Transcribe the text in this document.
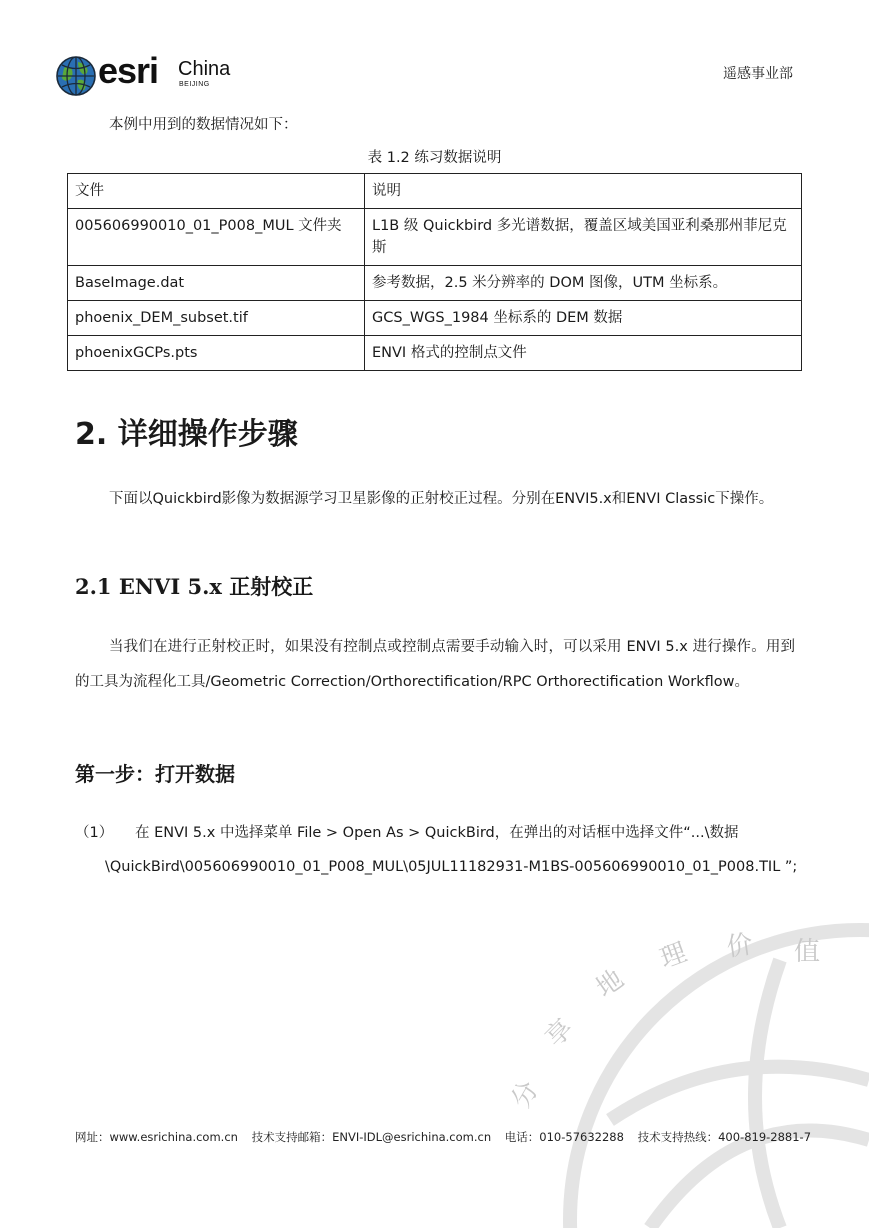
esri China
BEIJING
遥感事业部
本例中用到的数据情况如下：
表 1.2 练习数据说明
文件	说明
005606990010_01_P008_MUL 文件夹	L1B 级 Quickbird 多光谱数据，覆盖区域美国亚利桑那州菲尼克斯
BaseImage.dat	参考数据，2.5 米分辨率的 DOM 图像，UTM 坐标系。
phoenix_DEM_subset.tif	GCS_WGS_1984 坐标系的 DEM 数据
phoenixGCPs.pts	ENVI 格式的控制点文件
2. 详细操作步骤
下面以Quickbird影像为数据源学习卫星影像的正射校正过程。分别在ENVI5.x和ENVI Classic下操作。
2.1 ENVI 5.x 正射校正
当我们在进行正射校正时，如果没有控制点或控制点需要手动输入时，可以采用 ENVI 5.x 进行操作。用到的工具为流程化工具/Geometric Correction/Orthorectification/RPC Orthorectification Workflow。
第一步：打开数据
（1） 在 ENVI 5.x 中选择菜单 File > Open As > QuickBird，在弹出的对话框中选择文件“...\数据
\QuickBird\005606990010_01_P008_MUL\05JUL11182931-M1BS-005606990010_01_P008.TIL ”;
分
享
地
理 价 值
网址：www.esrichina.com.cn 技术支持邮箱：ENVI-IDL@esrichina.com.cn 电话：010-57632288 技术支持热线：400-819-2881-7
